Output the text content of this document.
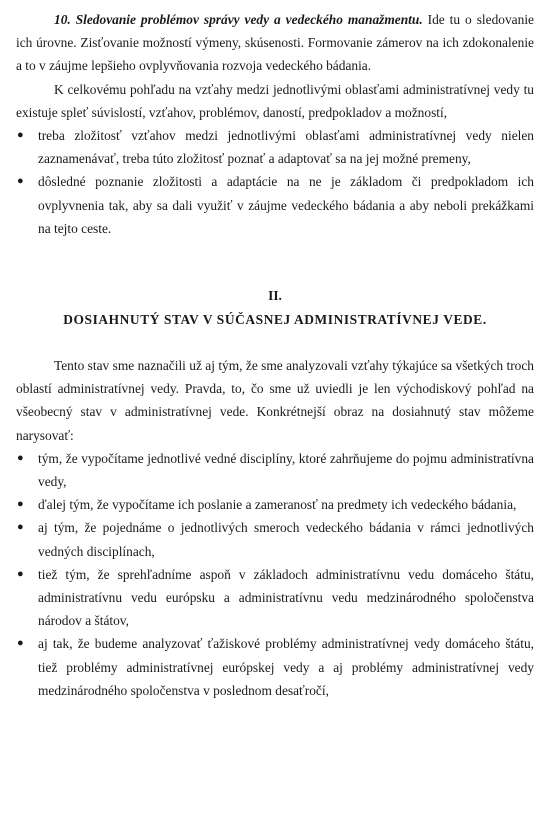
10. Sledovanie problémov správy vedy a vedeckého manažmentu. Ide tu o sledovanie ich úrovne. Zisťovanie možností výmeny, skúsenosti. Formovanie zámerov na ich zdokonalenie a to v záujme lepšieho ovplyvňovania rozvoja vedeckého bádania.

K celkovému pohľadu na vzťahy medzi jednotlivými oblasťami administratívnej vedy tu existuje spleť súvislostí, vzťahov, problémov, daností, predpokladov a možností,

● treba zložitosť vzťahov medzi jednotlivými oblasťami administratívnej vedy nielen zaznamenávať, treba túto zložitosť poznať a adaptovať sa na jej možné premeny,
● dôsledné poznanie zložitosti a adaptácie na ne je základom či predpokladom ich ovplyvnenia tak, aby sa dali využiť v záujme vedeckého bádania a aby neboli prekážkami na tejto ceste.

II.

DOSIAHNUTÝ STAV V SÚČASNEJ ADMINISTRATÍVNEJ VEDE.

Tento stav sme naznačili už aj tým, že sme analyzovali vzťahy týkajúce sa všetkých troch oblastí administratívnej vedy. Pravda, to, čo sme už uviedli je len východiskový pohľad na všeobecný stav v administratívnej vede. Konkrétnejší obraz na dosiahnutý stav môžeme narysovať:

● tým, že vypočítame jednotlivé vedné disciplíny, ktoré zahrňujeme do pojmu administratívna vedy,
● ďalej tým, že vypočítame ich poslanie a zameranosť na predmety ich vedeckého bádania,
● aj tým, že pojednáme o jednotlivých smeroch vedeckého bádania v rámci jednotlivých vedných disciplínach,
● tiež tým, že sprehľadníme aspoň v základoch administratívnu vedu domáceho štátu, administratívnu vedu európsku a administratívnu vedu medzinárodného spoločenstva národov a štátov,
● aj tak, že budeme analyzovať ťažiskové problémy administratívnej vedy domáceho štátu, tiež problémy administratívnej európskej vedy a aj problémy administratívnej vedy medzinárodného spoločenstva v poslednom desaťročí,
